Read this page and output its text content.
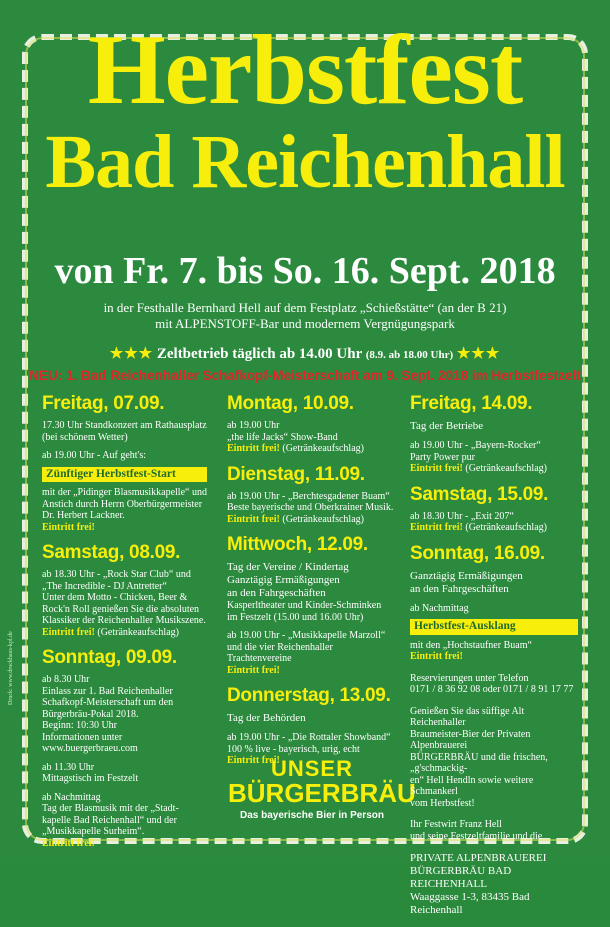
Herbstfest
Bad Reichenhall
von Fr. 7. bis So. 16. Sept. 2018
in der Festhalle Bernhard Hell auf dem Festplatz „Schießstätte“ (an der B 21)
mit ALPENSTOFF-Bar und modernem Vergnügungspark
★★★ Zeltbetrieb täglich ab 14.00 Uhr (8.9. ab 18.00 Uhr) ★★★
NEU: 1. Bad Reichenhaller Schafkopf-Meisterschaft am 9. Sept. 2018 im Herbstfestzelt
Freitag, 07.09.
17.30 Uhr Standkonzert am Rathausplatz
(bei schönem Wetter)
ab 19.00 Uhr - Auf geht's:
Zünftiger Herbstfest-Start
mit der „Pidinger Blasmusikkapelle“ und
Anstich durch Herrn Oberbürgermeister
Dr. Herbert Lackner.
Eintritt frei!
Samstag, 08.09.
ab 18.30 Uhr - „Rock Star Club“ und
„The Incredible - DJ Antretter“
Unter dem Motto - Chicken, Beer &
Rock'n Roll genießen Sie die absoluten
Klassiker der Reichenhaller Musikszene.
Eintritt frei! (Getränkeaufschlag)
Sonntag, 09.09.
ab 8.30 Uhr
Einlass zur 1. Bad Reichenhaller
Schafkopf-Meisterschaft um den
Bürgerbräu-Pokal 2018.
Beginn: 10:30 Uhr
Informationen unter www.buergerbraeu.com
ab 11.30 Uhr
Mittagstisch im Festzelt
ab Nachmittag
Tag der Blasmusik mit der „Stadt-
kapelle Bad Reichenhall“ und der
„Musikkapelle Surheim“.
Eintritt frei!
Montag, 10.09.
ab 19.00 Uhr
„the life Jacks“ Show-Band
Eintritt frei! (Getränkeaufschlag)
Dienstag, 11.09.
ab 19.00 Uhr - „Berchtesgadener Buam“
Beste bayerische und Oberkrainer Musik.
Eintritt frei! (Getränkeaufschlag)
Mittwoch, 12.09.
Tag der Vereine / Kindertag
Ganztägig Ermäßigungen
an den Fahrgeschäften
Kasperltheater und Kinder-Schminken
im Festzelt (15.00 und 16.00 Uhr)
ab 19.00 Uhr - „Musikkapelle Marzoll“
und die vier Reichenhaller Trachtenvereine
Eintritt frei!
Donnerstag, 13.09.
Tag der Behörden
ab 19.00 Uhr - „Die Rottaler Showband“
100 % live - bayerisch, urig, echt
Eintritt frei!
UNSER
BÜRGERBRÄU
Das bayerische Bier in Person
Freitag, 14.09.
Tag der Betriebe
ab 19.00 Uhr - „Bayern-Rocker“
Party Power pur
Eintritt frei! (Getränkeaufschlag)
Samstag, 15.09.
ab 18.30 Uhr - „Exit 207“
Eintritt frei! (Getränkeaufschlag)
Sonntag, 16.09.
Ganztägig Ermäßigungen
an den Fahrgeschäften
ab Nachmittag
Herbstfest-Ausklang
mit den „Hochstaufner Buam“
Eintritt frei!
Reservierungen unter Telefon
0171 / 8 36 92 08 oder 0171 / 8 91 17 77
Genießen Sie das süffige Alt Reichenhaller
Braumeister-Bier der Privaten Alpenbrauerei
BÜRGERBRÄU und die frischen, „g'schmackig-
en“ Hell Hendln sowie weitere Schmankerl
vom Herbstfest!
Ihr Festwirt Franz Hell
und seine Festzeltfamilie und die
PRIVATE ALPENBRAUEREI
BÜRGERBRÄU BAD REICHENHALL
Waaggasse 1-3, 83435 Bad Reichenhall
Druck: www.druckhaus-kpl.de
